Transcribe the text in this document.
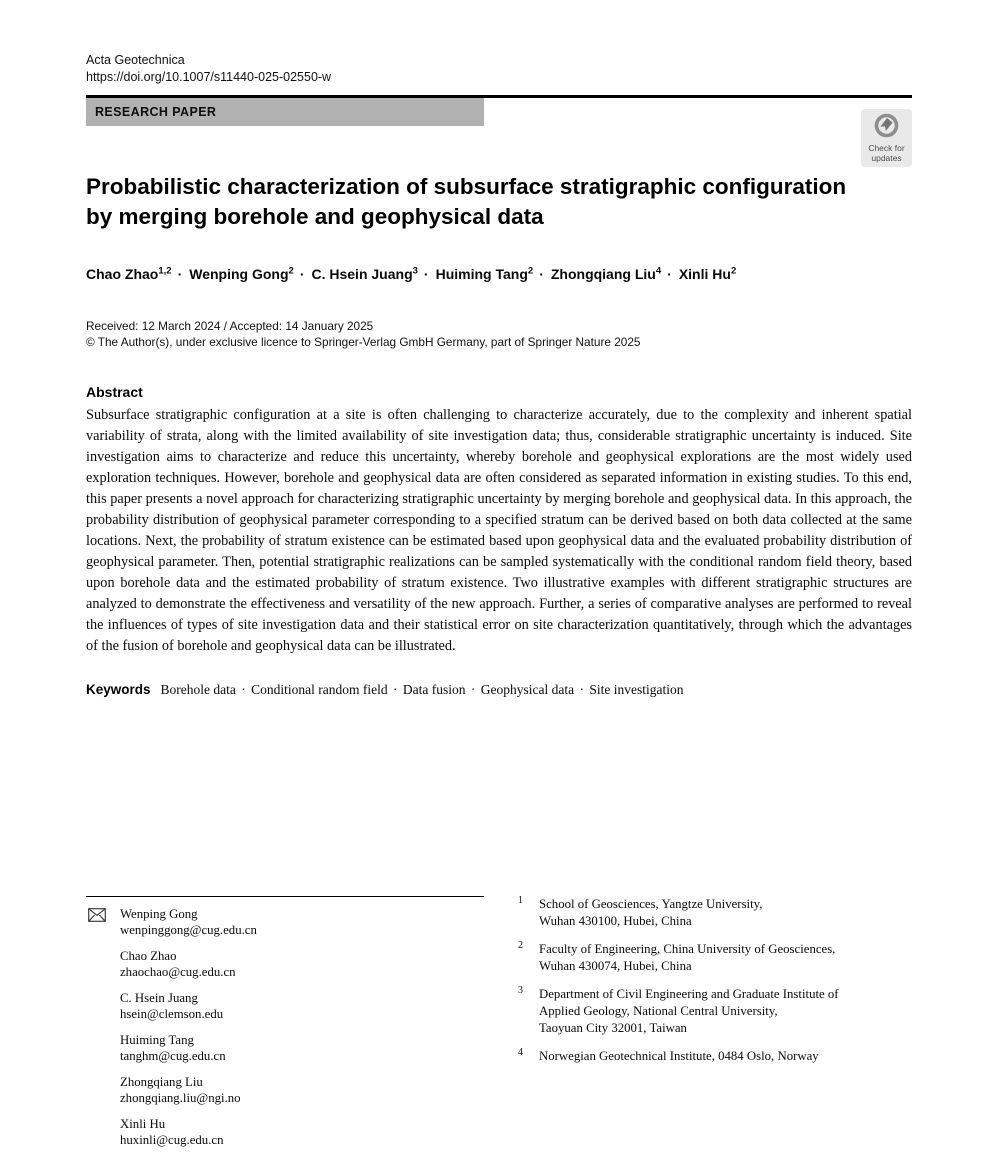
Acta Geotechnica
https://doi.org/10.1007/s11440-025-02550-w
RESEARCH PAPER
Probabilistic characterization of subsurface stratigraphic configuration
by merging borehole and geophysical data
Chao Zhao$^{1,2}$ · Wenping Gong$^2$ · C. Hsein Juang$^3$ · Huiming Tang$^2$ · Zhongqiang Liu$^4$ · Xinli Hu$^2$
Received: 12 March 2024 / Accepted: 14 January 2025
© The Author(s), under exclusive licence to Springer-Verlag GmbH Germany, part of Springer Nature 2025
Abstract
Subsurface stratigraphic configuration at a site is often challenging to characterize accurately, due to the complexity and inherent spatial variability of strata, along with the limited availability of site investigation data; thus, considerable stratigraphic uncertainty is induced. Site investigation aims to characterize and reduce this uncertainty, whereby borehole and geophysical explorations are the most widely used exploration techniques. However, borehole and geophysical data are often considered as separated information in existing studies. To this end, this paper presents a novel approach for characterizing stratigraphic uncertainty by merging borehole and geophysical data. In this approach, the probability distribution of geophysical parameter corresponding to a specified stratum can be derived based on both data collected at the same locations. Next, the probability of stratum existence can be estimated based upon geophysical data and the evaluated probability distribution of geophysical parameter. Then, potential stratigraphic realizations can be sampled systematically with the conditional random field theory, based upon borehole data and the estimated probability of stratum existence. Two illustrative examples with different stratigraphic structures are analyzed to demonstrate the effectiveness and versatility of the new approach. Further, a series of comparative analyses are performed to reveal the influences of types of site investigation data and their statistical error on site characterization quantitatively, through which the advantages of the fusion of borehole and geophysical data can be illustrated.
Keywords Borehole data · Conditional random field · Data fusion · Geophysical data · Site investigation
Check for
updates
Wenping Gong
wenpinggong@cug.edu.cn
Chao Zhao
zhaochao@cug.edu.cn
C. Hsein Juang
hsein@clemson.edu
Huiming Tang
tanghm@cug.edu.cn
Zhongqiang Liu
zhongqiang.liu@ngi.no
Xinli Hu
huxinli@cug.edu.cn
1 School of Geosciences, Yangtze University,
Wuhan 430100, Hubei, China
2 Faculty of Engineering, China University of Geosciences,
Wuhan 430074, Hubei, China
3 Department of Civil Engineering and Graduate Institute of
Applied Geology, National Central University,
Taoyuan City 32001, Taiwan
4 Norwegian Geotechnical Institute, 0484 Oslo, Norway
